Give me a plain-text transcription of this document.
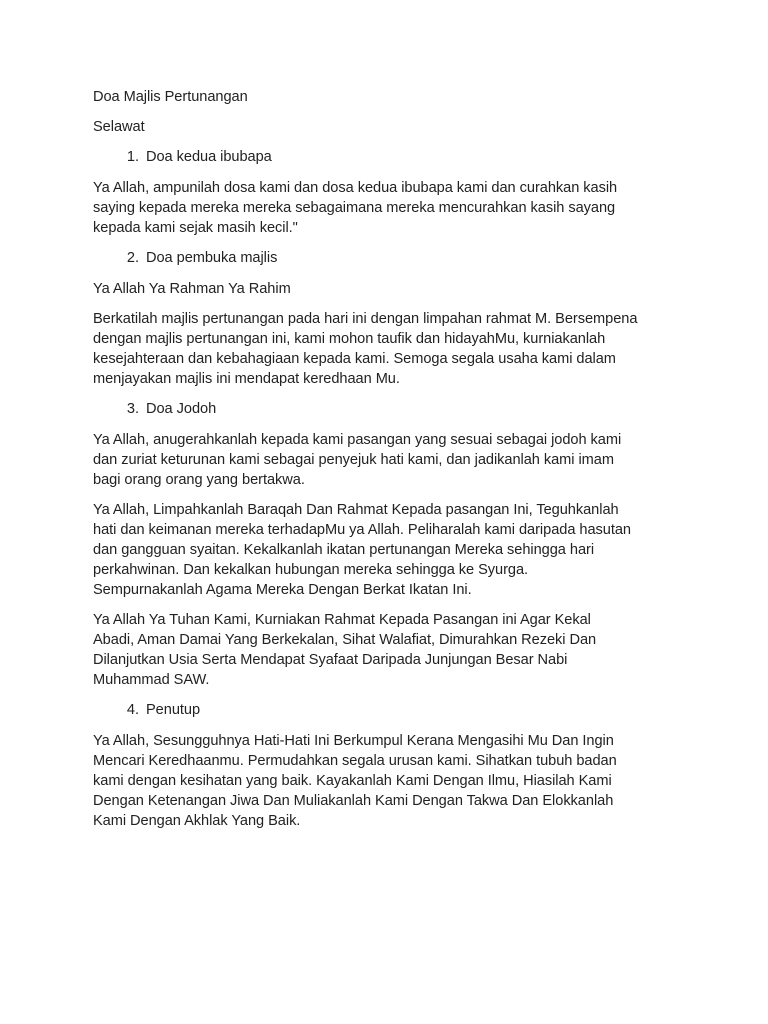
Doa Majlis Pertunangan

Selawat

1. Doa kedua ibubapa

Ya Allah, ampunilah dosa kami dan dosa kedua ibubapa kami dan curahkan kasih
saying kepada mereka mereka sebagaimana mereka mencurahkan kasih sayang
kepada kami sejak masih kecil."

2. Doa pembuka majlis

Ya Allah Ya Rahman Ya Rahim

Berkatilah majlis pertunangan pada hari ini dengan limpahan rahmat M. Bersempena
dengan majlis pertunangan ini, kami mohon taufik dan hidayahMu, kurniakanlah
kesejahteraan dan kebahagiaan kepada kami. Semoga segala usaha kami dalam
menjayakan majlis ini mendapat keredhaan Mu.

3. Doa Jodoh

Ya Allah, anugerahkanlah kepada kami pasangan yang sesuai sebagai jodoh kami
dan zuriat keturunan kami sebagai penyejuk hati kami, dan jadikanlah kami imam
bagi orang orang yang bertakwa.

Ya Allah, Limpahkanlah Baraqah Dan Rahmat Kepada pasangan Ini, Teguhkanlah
hati dan keimanan mereka terhadapMu ya Allah. Peliharalah kami daripada hasutan
dan gangguan syaitan. Kekalkanlah ikatan pertunangan Mereka sehingga hari
perkahwinan. Dan kekalkan hubungan mereka sehingga ke Syurga.
Sempurnakanlah Agama Mereka Dengan Berkat Ikatan Ini.

Ya Allah Ya Tuhan Kami, Kurniakan Rahmat Kepada Pasangan ini Agar Kekal
Abadi, Aman Damai Yang Berkekalan, Sihat Walafiat, Dimurahkan Rezeki Dan
Dilanjutkan Usia Serta Mendapat Syafaat Daripada Junjungan Besar Nabi
Muhammad SAW.

4. Penutup

Ya Allah, Sesungguhnya Hati-Hati Ini Berkumpul Kerana Mengasihi Mu Dan Ingin
Mencari Keredhaanmu. Permudahkan segala urusan kami. Sihatkan tubuh badan
kami dengan kesihatan yang baik. Kayakanlah Kami Dengan Ilmu, Hiasilah Kami
Dengan Ketenangan Jiwa Dan Muliakanlah Kami Dengan Takwa Dan Elokkanlah
Kami Dengan Akhlak Yang Baik.
